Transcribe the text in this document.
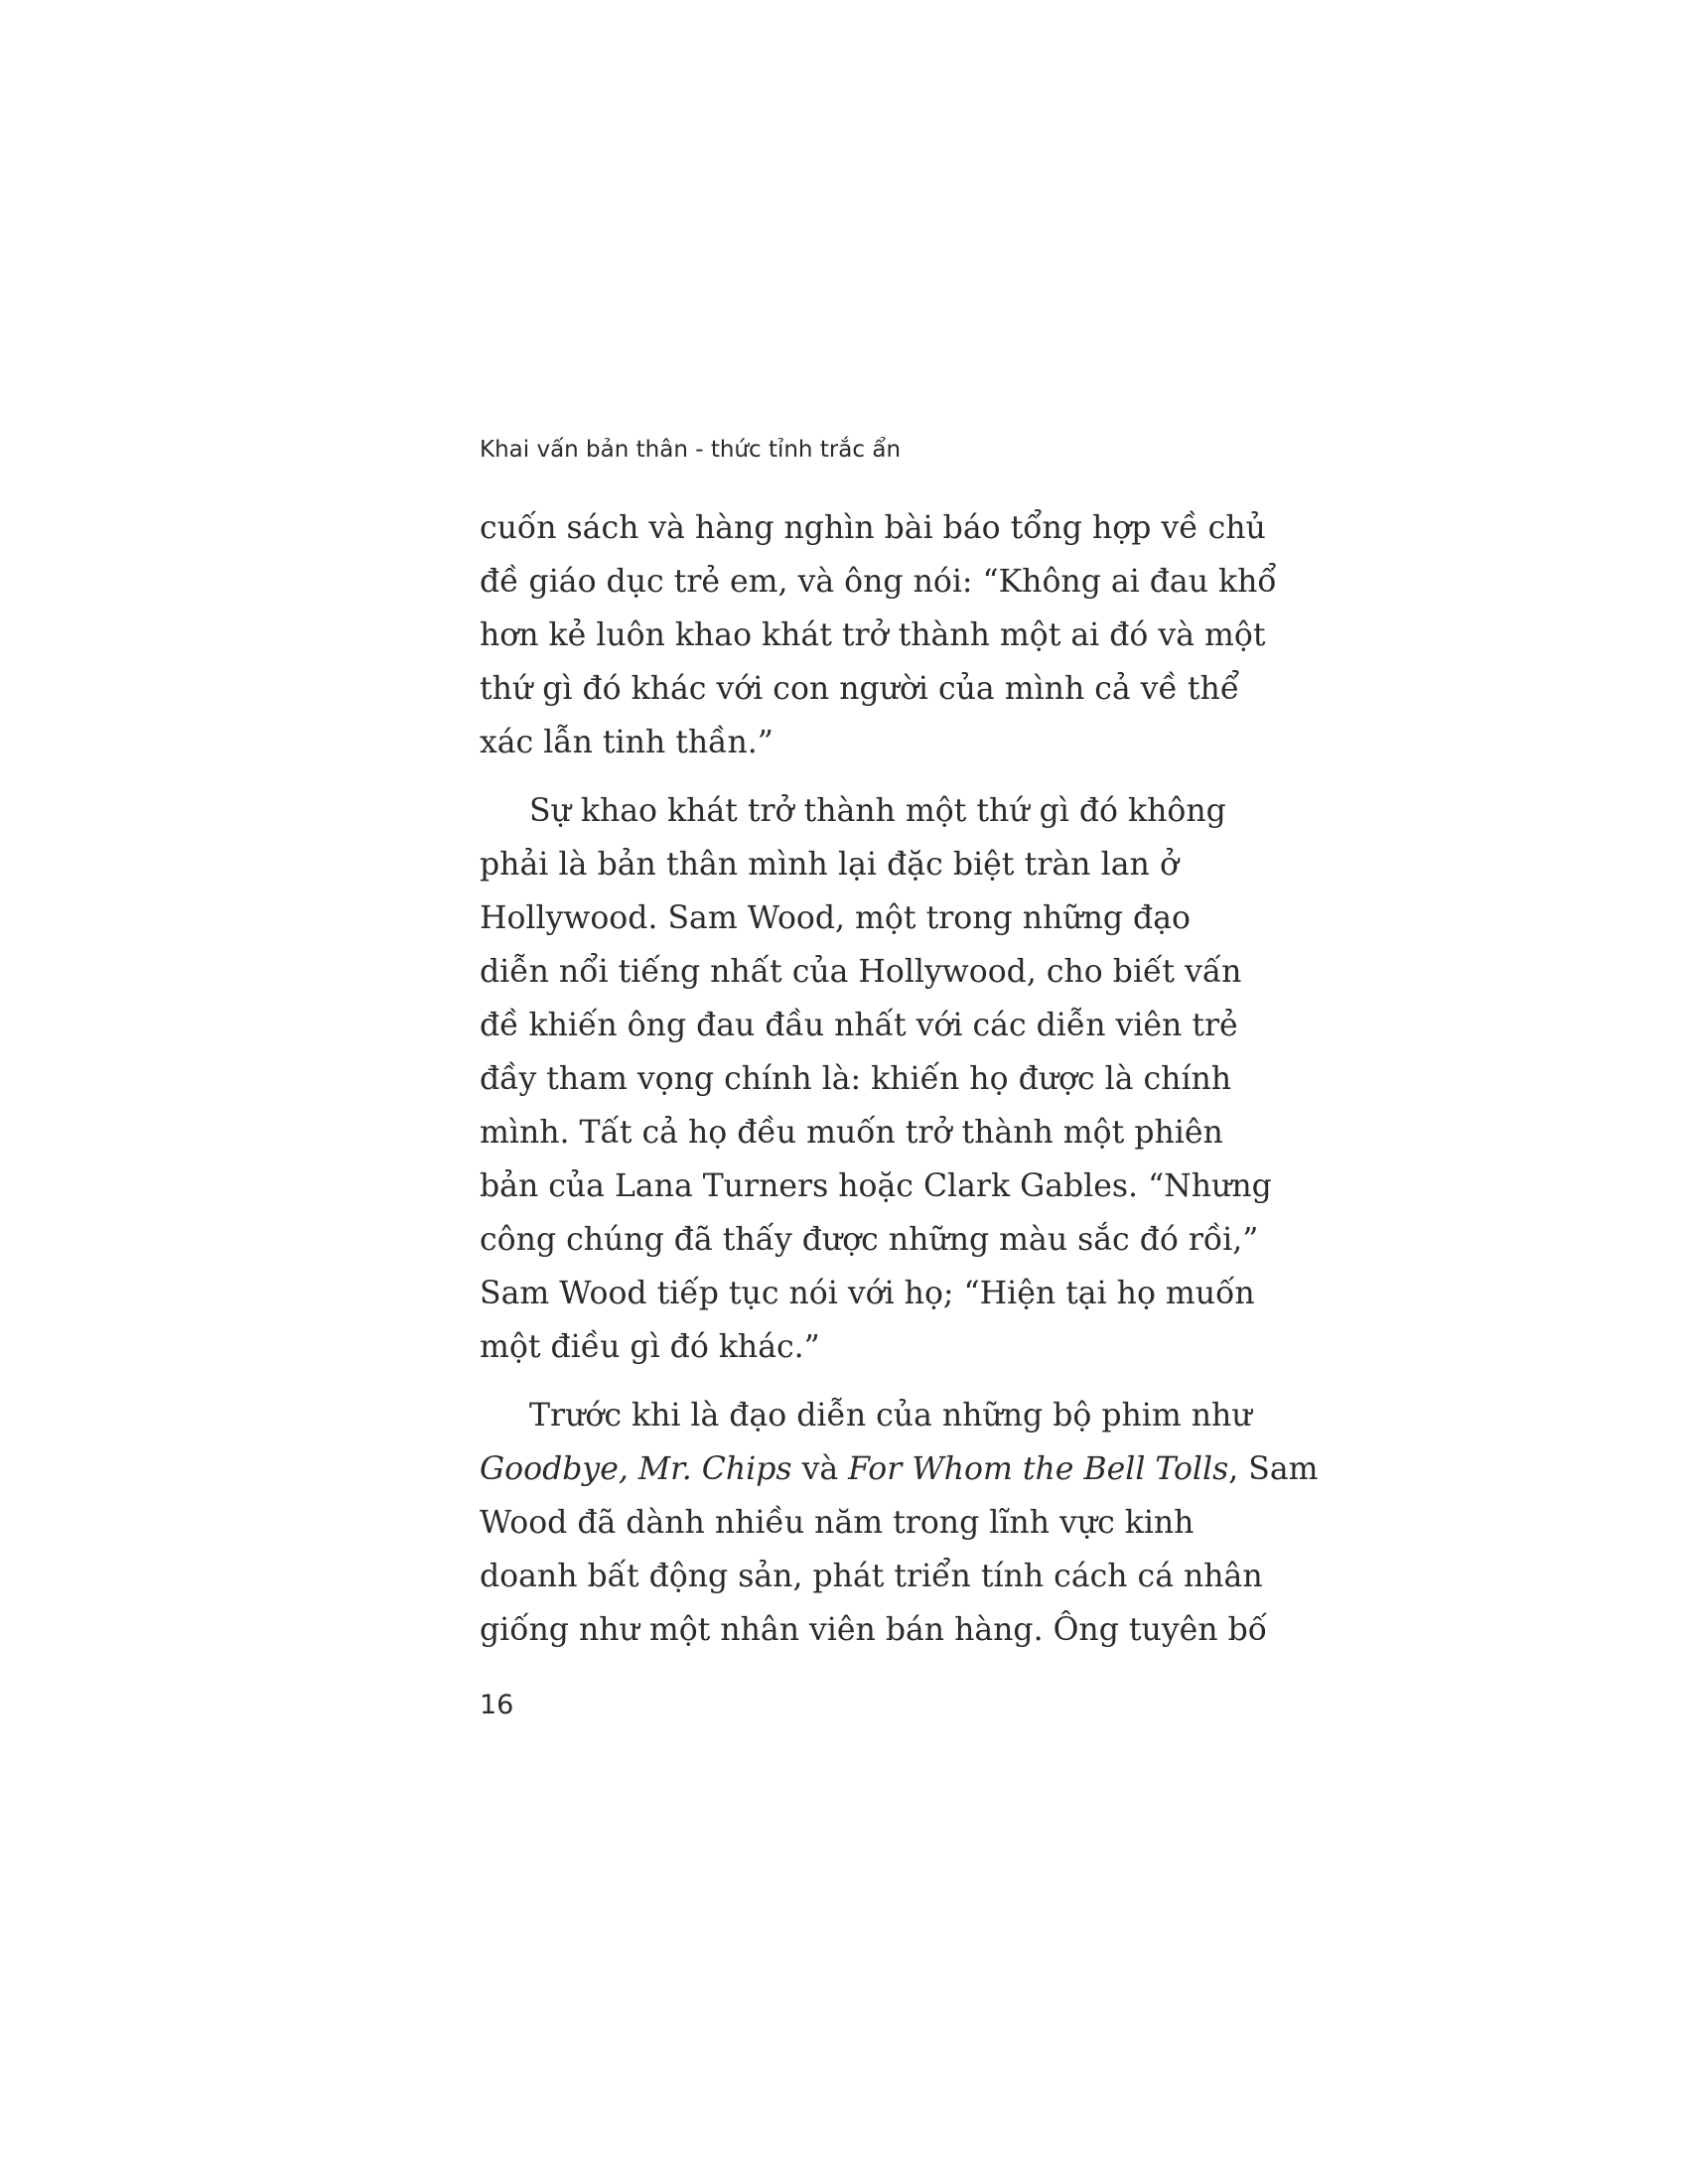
Khai vấn bản thân - thức tỉnh trắc ẩn
cuốn sách và hàng nghìn bài báo tổng hợp về chủ
đề giáo dục trẻ em, và ông nói: “Không ai đau khổ
hơn kẻ luôn khao khát trở thành một ai đó và một
thứ gì đó khác với con người của mình cả về thể
xác lẫn tinh thần.”
Sự khao khát trở thành một thứ gì đó không
phải là bản thân mình lại đặc biệt tràn lan ở
Hollywood. Sam Wood, một trong những đạo
diễn nổi tiếng nhất của Hollywood, cho biết vấn
đề khiến ông đau đầu nhất với các diễn viên trẻ
đầy tham vọng chính là: khiến họ được là chính
mình. Tất cả họ đều muốn trở thành một phiên
bản của Lana Turners hoặc Clark Gables. “Nhưng
công chúng đã thấy được những màu sắc đó rồi,”
Sam Wood tiếp tục nói với họ; “Hiện tại họ muốn
một điều gì đó khác.”
Trước khi là đạo diễn của những bộ phim như
Goodbye, Mr. Chips và For Whom the Bell Tolls , Sam
Wood đã dành nhiều năm trong lĩnh vực kinh
doanh bất động sản, phát triển tính cách cá nhân
giống như một nhân viên bán hàng. Ông tuyên bố
16
